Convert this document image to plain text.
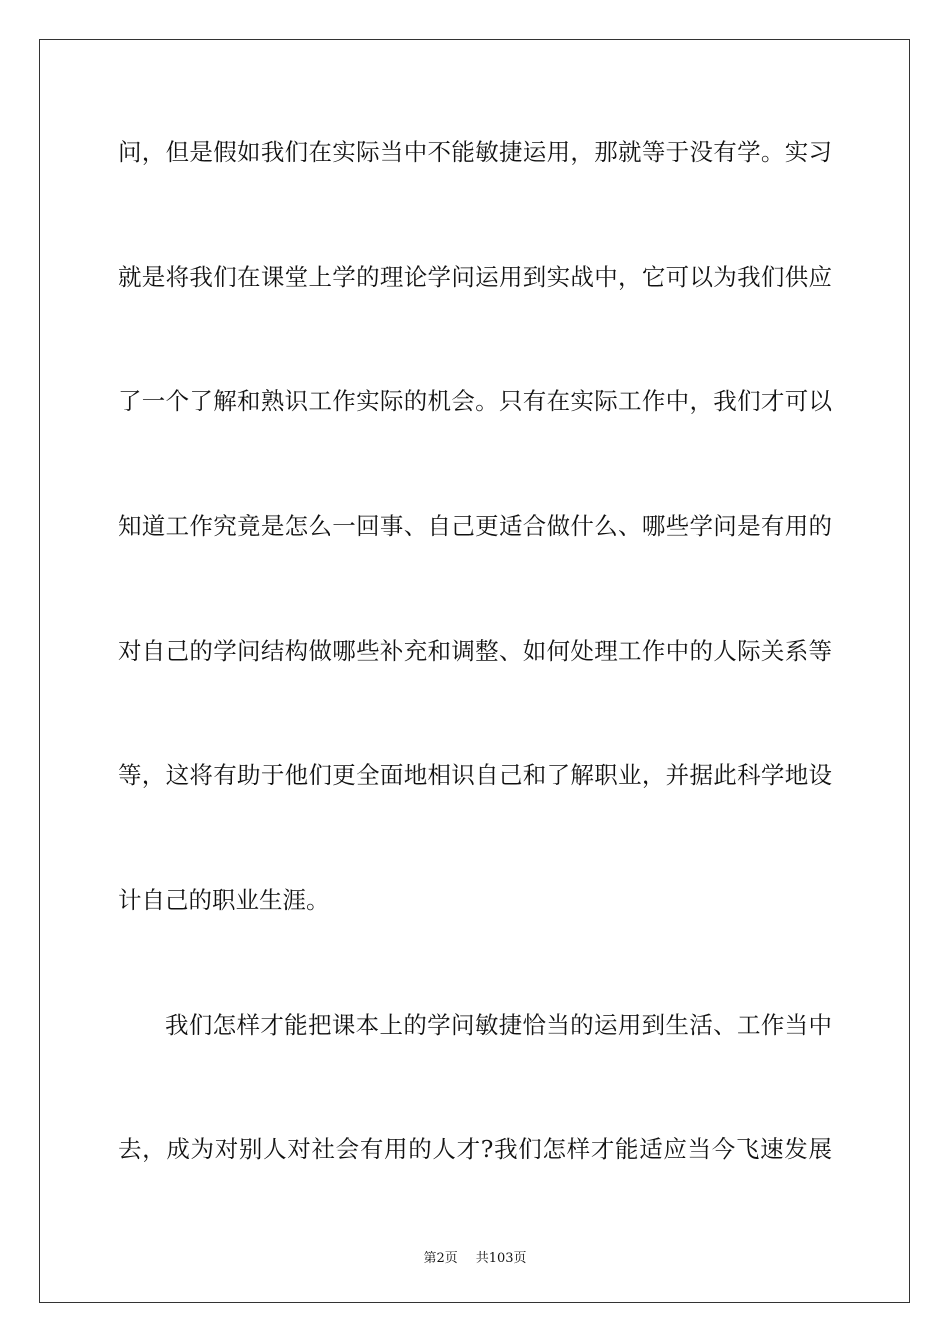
问，但是假如我们在实际当中不能敏捷运用，那就等于没有学。实习
就是将我们在课堂上学的理论学问运用到实战中，它可以为我们供应
了一个了解和熟识工作实际的机会。只有在实际工作中，我们才可以
知道工作究竟是怎么一回事、自己更适合做什么、哪些学问是有用的
对自己的学问结构做哪些补充和调整、如何处理工作中的人际关系等
等，这将有助于他们更全面地相识自己和了解职业，并据此科学地设
计自己的职业生涯。
我们怎样才能把课本上的学问敏捷恰当的运用到生活、工作当中
去，成为对别人对社会有用的人才?我们怎样才能适应当今飞速发展
第2页 共103页
